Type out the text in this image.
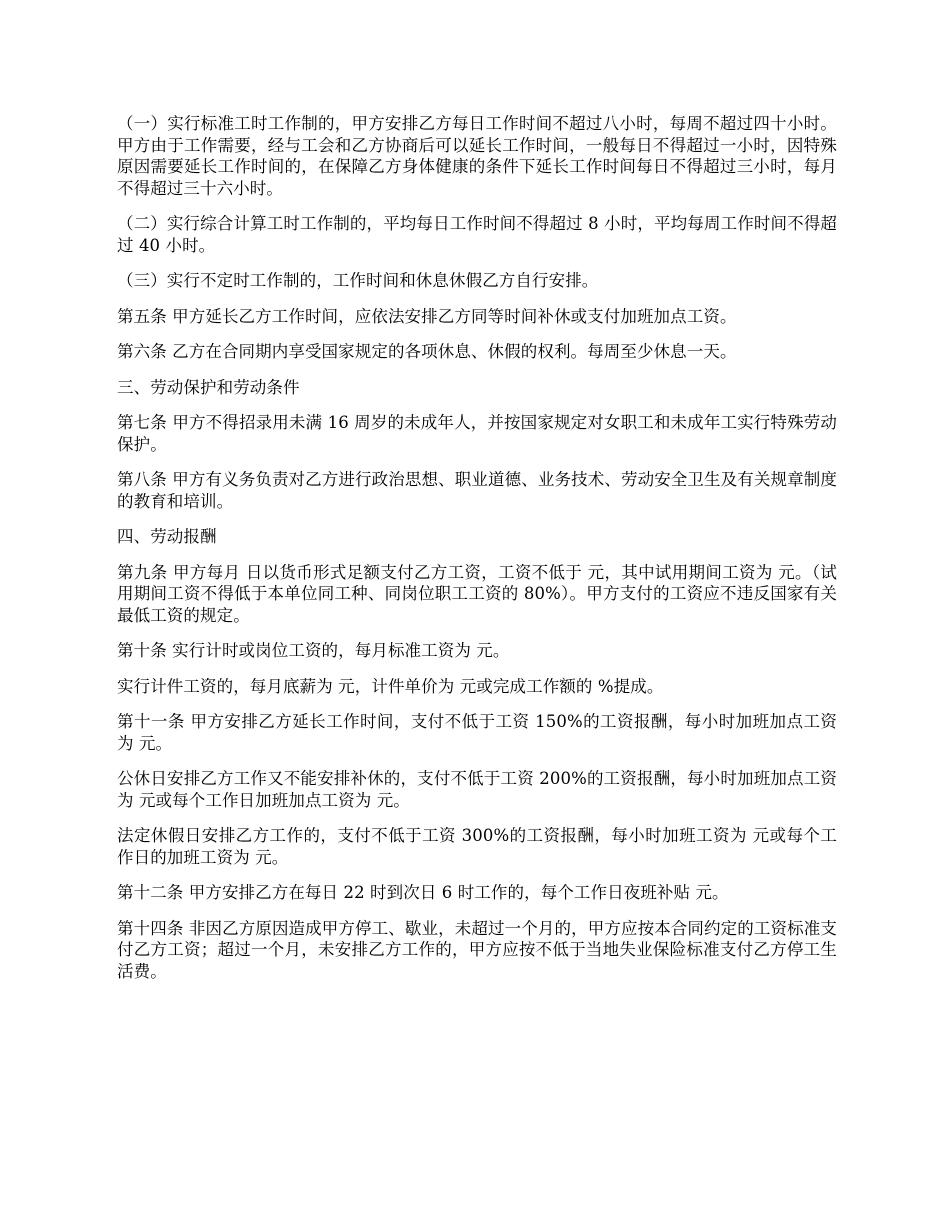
（一）实行标准工时工作制的，甲方安排乙方每日工作时间不超过八小时，每周不超过四十小时。甲方由于工作需要，经与工会和乙方协商后可以延长工作时间，一般每日不得超过一小时，因特殊原因需要延长工作时间的，在保障乙方身体健康的条件下延长工作时间每日不得超过三小时，每月不得超过三十六小时。

（二）实行综合计算工时工作制的，平均每日工作时间不得超过 8 小时，平均每周工作时间不得超过 40 小时。

（三）实行不定时工作制的，工作时间和休息休假乙方自行安排。

第五条 甲方延长乙方工作时间，应依法安排乙方同等时间补休或支付加班加点工资。

第六条 乙方在合同期内享受国家规定的各项休息、休假的权利。每周至少休息一天。

三、劳动保护和劳动条件

第七条 甲方不得招录用未满 16 周岁的未成年人，并按国家规定对女职工和未成年工实行特殊劳动保护。

第八条 甲方有义务负责对乙方进行政治思想、职业道德、业务技术、劳动安全卫生及有关规章制度的教育和培训。

四、劳动报酬

第九条 甲方每月 日以货币形式足额支付乙方工资，工资不低于 元，其中试用期间工资为 元。（试用期间工资不得低于本单位同工种、同岗位职工工资的 80%）。甲方支付的工资应不违反国家有关最低工资的规定。

第十条 实行计时或岗位工资的，每月标准工资为 元。

实行计件工资的，每月底薪为 元，计件单价为 元或完成工作额的 %提成。

第十一条 甲方安排乙方延长工作时间，支付不低于工资 150%的工资报酬，每小时加班加点工资为 元。

公休日安排乙方工作又不能安排补休的，支付不低于工资 200%的工资报酬，每小时加班加点工资为 元或每个工作日加班加点工资为 元。

法定休假日安排乙方工作的，支付不低于工资 300%的工资报酬，每小时加班工资为 元或每个工作日的加班工资为 元。

第十二条 甲方安排乙方在每日 22 时到次日 6 时工作的，每个工作日夜班补贴 元。

第十四条 非因乙方原因造成甲方停工、歇业，未超过一个月的，甲方应按本合同约定的工资标准支付乙方工资；超过一个月，未安排乙方工作的，甲方应按不低于当地失业保险标准支付乙方停工生活费。
